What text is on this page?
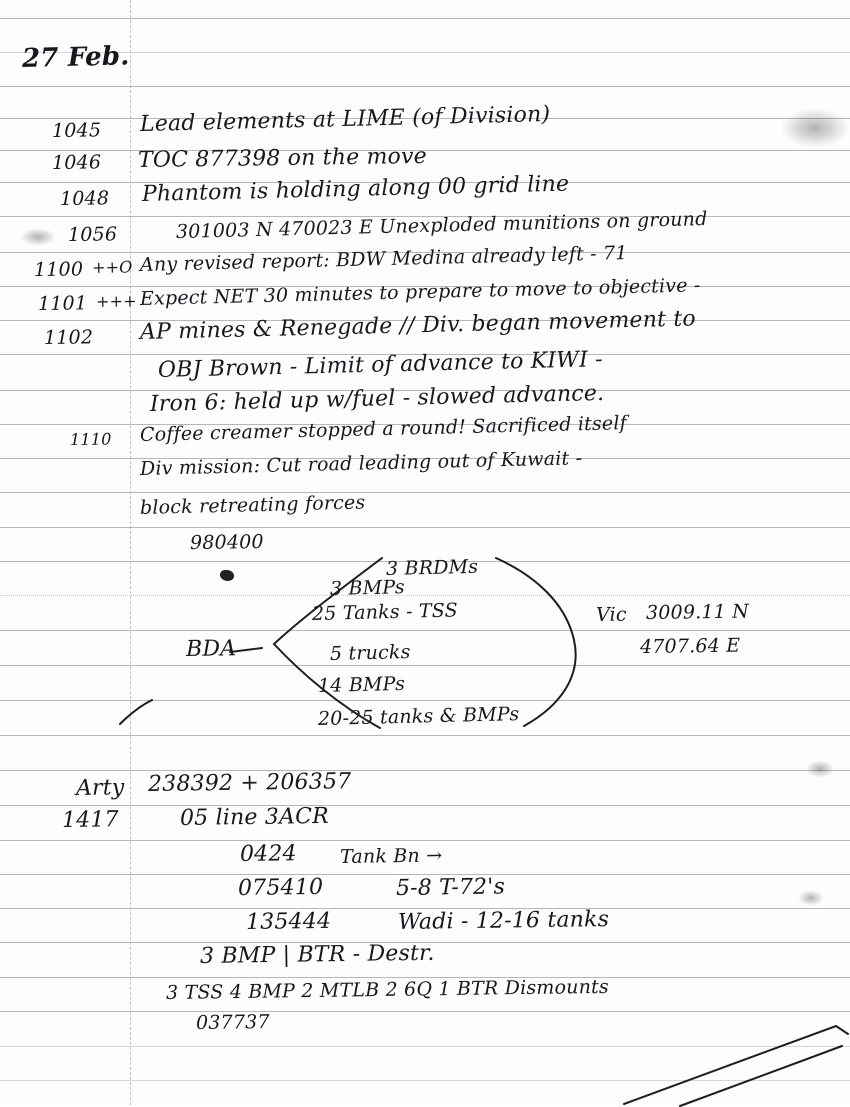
27 Feb.
1045 Lead elements at LIME (of Division)
1046 TOC 877398 on the move
1048 Phantom is holding along 00 grid line
1056	301003 N 470023 E Unexploded munitions on ground
1100 ++O Any revised report: BDW Medina already left - 71
1101 +++ Expect NET 30 minutes to prepare to move to objective -
1102 AP mines & Renegade // Div. began movement to
OBJ Brown - Limit of advance to KIWI -
Iron 6: held up w/fuel - slowed advance.
1110 Coffee creamer stopped a round! Sacrificed itself
Div mission: Cut road leading out of Kuwait -
block retreating forces
980400
BDA
3 BRDMs
3 BMPs
25 Tanks - TSS
5 trucks
14 BMPs
20-25 tanks & BMPs
Vic 3009.11 N
4707.64 E
Arty 238392 + 206357
1417	05 line 3ACR
0424 Tank Bn →
075410	5-8 T-72's
135444	Wadi - 12-16 tanks
3 BMP | BTR - Destr.
3 TSS 4 BMP 2 MTLB 2 6Q 1 BTR Dismounts
037737
